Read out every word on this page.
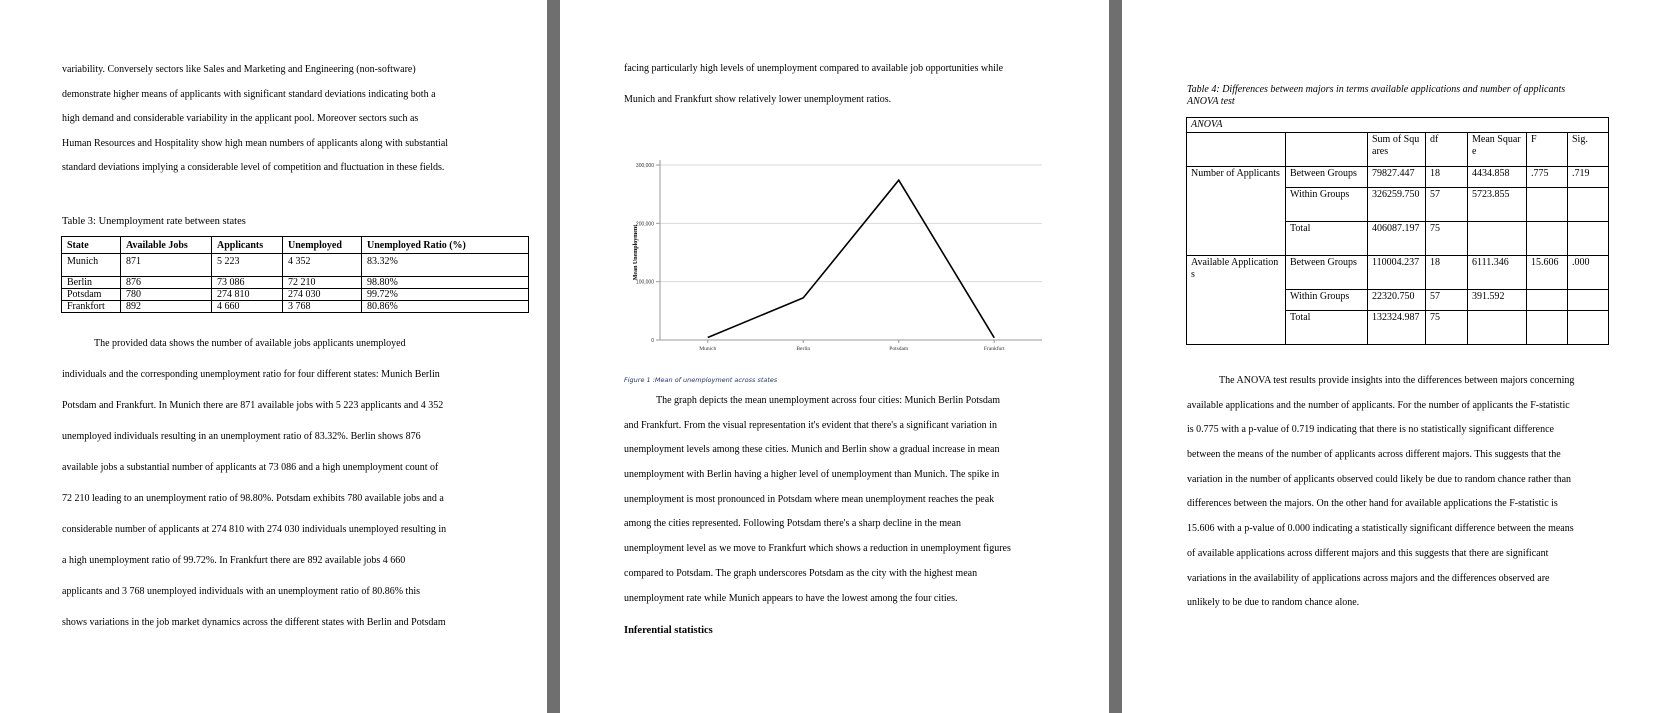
variability. Conversely sectors like Sales and Marketing and Engineering (non-software)
demonstrate higher means of applicants with significant standard deviations indicating both a
high demand and considerable variability in the applicant pool. Moreover sectors such as
Human Resources and Hospitality show high mean numbers of applicants along with substantial
standard deviations implying a considerable level of competition and fluctuation in these fields.
Table 3: Unemployment rate between states
State	Available Jobs	Applicants	Unemployed	Unemployed Ratio (%)
Munich	871	5 223	4 352	83.32%
Berlin	876	73 086	72 210	98.80%
Potsdam	780	274 810	274 030	99.72%
Frankfort	892	4 660	3 768	80.86%
The provided data shows the number of available jobs applicants unemployed
individuals and the corresponding unemployment ratio for four different states: Munich Berlin
Potsdam and Frankfurt. In Munich there are 871 available jobs with 5 223 applicants and 4 352
unemployed individuals resulting in an unemployment ratio of 83.32%. Berlin shows 876
available jobs a substantial number of applicants at 73 086 and a high unemployment count of
72 210 leading to an unemployment ratio of 98.80%. Potsdam exhibits 780 available jobs and a
considerable number of applicants at 274 810 with 274 030 individuals unemployed resulting in
a high unemployment ratio of 99.72%. In Frankfurt there are 892 available jobs 4 660
applicants and 3 768 unemployed individuals with an unemployment ratio of 80.86% this
shows variations in the job market dynamics across the different states with Berlin and Potsdam
facing particularly high levels of unemployment compared to available job opportunities while
Munich and Frankfurt show relatively lower unemployment ratios.
0
100,000
200,000
300,000
Mean Unemployment
Munich	Berlin	Potsdam	Frankfurt
Figure 1 :Mean of unemployment across states
The graph depicts the mean unemployment across four cities: Munich Berlin Potsdam
and Frankfurt. From the visual representation it's evident that there's a significant variation in
unemployment levels among these cities. Munich and Berlin show a gradual increase in mean
unemployment with Berlin having a higher level of unemployment than Munich. The spike in
unemployment is most pronounced in Potsdam where mean unemployment reaches the peak
among the cities represented. Following Potsdam there's a sharp decline in the mean
unemployment level as we move to Frankfurt which shows a reduction in unemployment figures
compared to Potsdam. The graph underscores Potsdam as the city with the highest mean
unemployment rate while Munich appears to have the lowest among the four cities.
Inferential statistics
Table 4: Differences between majors in terms available applications and number of applicants
ANOVA test
ANOVA						
		Sum of Squares	df	Mean Square	F	Sig.
Number of Applicants	Between Groups	79827.447	18	4434.858	.775	.719
	Within Groups	326259.750	57	5723.855		
	Total	406087.197	75			
Available Applications	Between Groups	110004.237	18	6111.346	15.606	.000
	Within Groups	22320.750	57	391.592		
	Total	132324.987	75			
The ANOVA test results provide insights into the differences between majors concerning
available applications and the number of applicants. For the number of applicants the F-statistic
is 0.775 with a p-value of 0.719 indicating that there is no statistically significant difference
between the means of the number of applicants across different majors. This suggests that the
variation in the number of applicants observed could likely be due to random chance rather than
differences between the majors. On the other hand for available applications the F-statistic is
15.606 with a p-value of 0.000 indicating a statistically significant difference between the means
of available applications across different majors and this suggests that there are significant
variations in the availability of applications across majors and the differences observed are
unlikely to be due to random chance alone.
